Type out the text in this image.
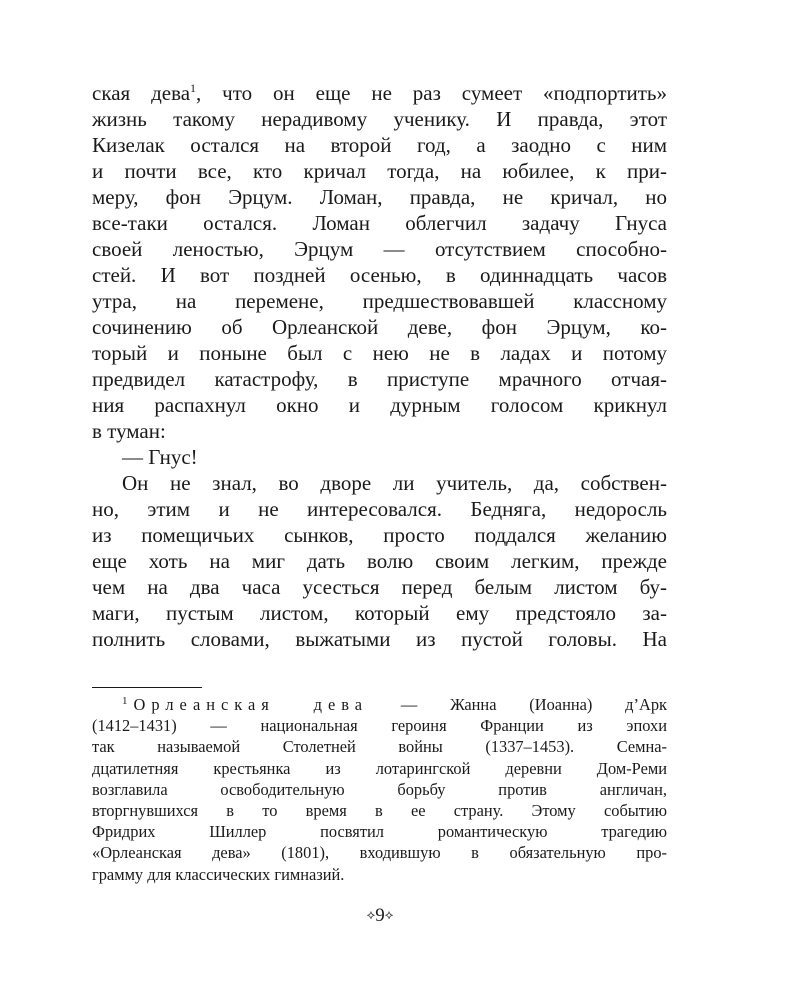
ская дева$^1$, что он еще не раз сумеет «подпортить»
жизнь такому нерадивому ученику. И правда, этот
Кизелак остался на второй год, а заодно с ним
и почти все, кто кричал тогда, на юбилее, к при-
меру, фон Эрцум. Ломан, правда, не кричал, но
все-таки остался. Ломан облегчил задачу Гнуса
своей леностью, Эрцум — отсутствием способно-
стей. И вот поздней осенью, в одиннадцать часов
утра, на перемене, предшествовавшей классному
сочинению об Орлеанской деве, фон Эрцум, ко-
торый и поныне был с нею не в ладах и потому
предвидел катастрофу, в приступе мрачного отчая-
ния распахнул окно и дурным голосом крикнул
в туман:
— Гнус!
Он не знал, во дворе ли учитель, да, собствен-
но, этим и не интересовался. Бедняга, недоросль
из помещичьих сынков, просто поддался желанию
еще хоть на миг дать волю своим легким, прежде
чем на два часа усесться перед белым листом бу-
маги, пустым листом, который ему предстояло за-
полнить словами, выжатыми из пустой головы. На
$^1$ Орлеанская дева — Жанна (Иоанна) д’Арк
(1412–1431) — национальная героиня Франции из эпохи
так называемой Столетней войны (1337–1453). Семна-
дцатилетняя крестьянка из лотарингской деревни Дом-Реми
возглавила освободительную борьбу против англичан,
вторгнувшихся в то время в ее страну. Этому событию
Фридрих Шиллер посвятил романтическую трагедию
«Орлеанская дева» (1801), входившую в обязательную про-
грамму для классических гимназий.
⟡9⟡
